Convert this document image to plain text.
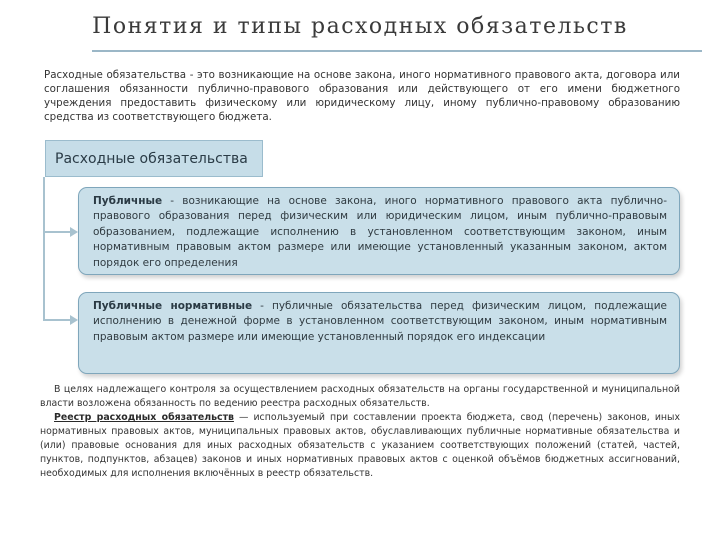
Понятия и типы расходных обязательств

Расходные обязательства - это возникающие на основе закона, иного нормативного правового акта, договора или соглашения обязанности публично-правового образования или действующего от его имени бюджетного учреждения предоставить физическому или юридическому лицу, иному публично-правовому образованию средства из соответствующего бюджета.

Расходные обязательства
Публичные - возникающие на основе закона, иного нормативного правового акта публично-правового образования перед физическим или юридическим лицом, иным публично-правовым образованием, подлежащие исполнению в установленном соответствующим законом, иным нормативным правовым актом размере или имеющие установленный указанным законом, актом порядок его определения
Публичные нормативные - публичные обязательства перед физическим лицом, подлежащие исполнению в денежной форме в установленном соответствующим законом, иным нормативным правовым актом размере или имеющие установленный порядок его индексации

В целях надлежащего контроля за осуществлением расходных обязательств на органы государственной и муниципальной власти возложена обязанность по ведению реестра расходных обязательств.

Реестр расходных обязательств — используемый при составлении проекта бюджета, свод (перечень) законов, иных нормативных правовых актов, муниципальных правовых актов, обуславливающих публичные нормативные обязательства и (или) правовые основания для иных расходных обязательств с указанием соответствующих положений (статей, частей, пунктов, подпунктов, абзацев) законов и иных нормативных правовых актов с оценкой объёмов бюджетных ассигнований, необходимых для исполнения включённых в реестр обязательств.
